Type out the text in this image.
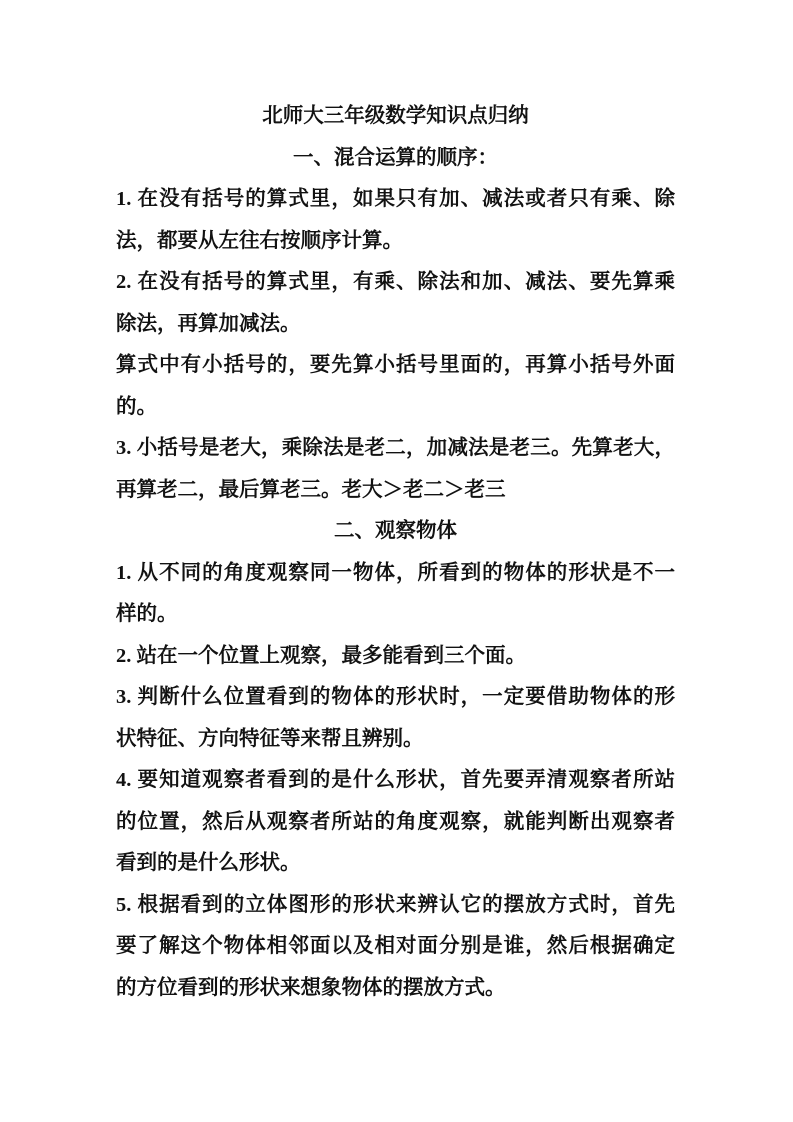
北师大三年级数学知识点归纳
一、混合运算的顺序：
1. 在没有括号的算式里，如果只有加、减法或者只有乘、除
法，都要从左往右按顺序计算。
2. 在没有括号的算式里，有乘、除法和加、减法、要先算乘
除法，再算加减法。
算式中有小括号的，要先算小括号里面的，再算小括号外面
的。
3. 小括号是老大，乘除法是老二，加减法是老三。先算老大，
再算老二，最后算老三。老大＞老二＞老三
二、观察物体
1. 从不同的角度观察同一物体，所看到的物体的形状是不一
样的。
2. 站在一个位置上观察，最多能看到三个面。
3. 判断什么位置看到的物体的形状时，一定要借助物体的形
状特征、方向特征等来帮且辨别。
4. 要知道观察者看到的是什么形状，首先要弄清观察者所站
的位置，然后从观察者所站的角度观察，就能判断出观察者
看到的是什么形状。
5. 根据看到的立体图形的形状来辨认它的摆放方式时，首先
要了解这个物体相邻面以及相对面分别是谁，然后根据确定
的方位看到的形状来想象物体的摆放方式。
